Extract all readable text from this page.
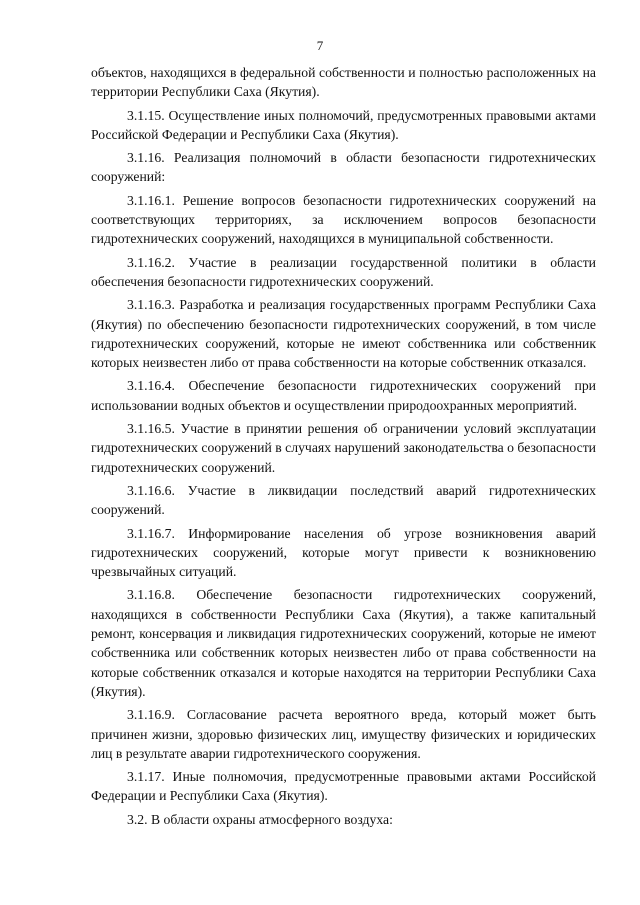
7

объектов, находящихся в федеральной собственности и полностью расположенных на территории Республики Саха (Якутия).

3.1.15. Осуществление иных полномочий, предусмотренных правовыми актами Российской Федерации и Республики Саха (Якутия).

3.1.16. Реализация полномочий в области безопасности гидротехнических сооружений:

3.1.16.1. Решение вопросов безопасности гидротехнических сооружений на соответствующих территориях, за исключением вопросов безопасности гидротехнических сооружений, находящихся в муниципальной собственности.

3.1.16.2. Участие в реализации государственной политики в области обеспечения безопасности гидротехнических сооружений.

3.1.16.3. Разработка и реализация государственных программ Республики Саха (Якутия) по обеспечению безопасности гидротехнических сооружений, в том числе гидротехнических сооружений, которые не имеют собственника или собственник которых неизвестен либо от права собственности на которые собственник отказался.

3.1.16.4. Обеспечение безопасности гидротехнических сооружений при использовании водных объектов и осуществлении природоохранных мероприятий.

3.1.16.5. Участие в принятии решения об ограничении условий эксплуатации гидротехнических сооружений в случаях нарушений законодательства о безопасности гидротехнических сооружений.

3.1.16.6. Участие в ликвидации последствий аварий гидротехнических сооружений.

3.1.16.7. Информирование населения об угрозе возникновения аварий гидротехнических сооружений, которые могут привести к возникновению чрезвычайных ситуаций.

3.1.16.8. Обеспечение безопасности гидротехнических сооружений, находящихся в собственности Республики Саха (Якутия), а также капитальный ремонт, консервация и ликвидация гидротехнических сооружений, которые не имеют собственника или собственник которых неизвестен либо от права собственности на которые собственник отказался и которые находятся на территории Республики Саха (Якутия).

3.1.16.9. Согласование расчета вероятного вреда, который может быть причинен жизни, здоровью физических лиц, имуществу физических и юридических лиц в результате аварии гидротехнического сооружения.

3.1.17. Иные полномочия, предусмотренные правовыми актами Российской Федерации и Республики Саха (Якутия).

3.2. В области охраны атмосферного воздуха:
